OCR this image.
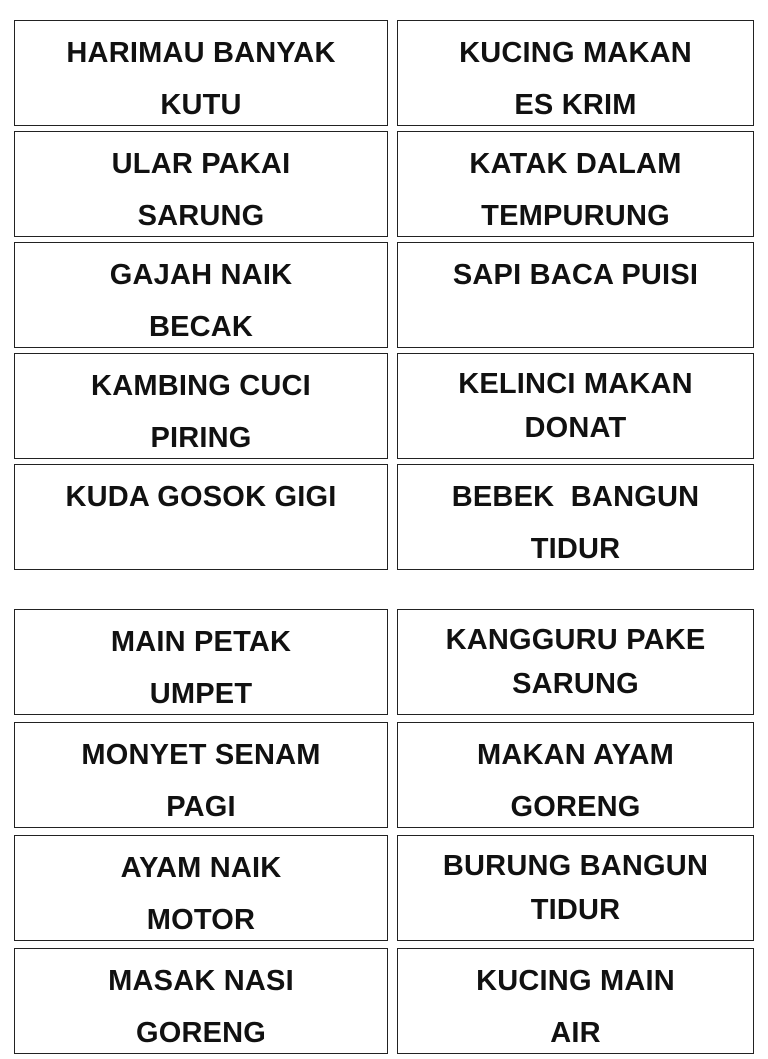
HARIMAU BANYAK
KUTU
KUCING MAKAN
ES KRIM
ULAR PAKAI
SARUNG
KATAK DALAM
TEMPURUNG
GAJAH NAIK
BECAK
SAPI BACA PUISI
KAMBING CUCI
PIRING
KELINCI MAKAN
DONAT
KUDA GOSOK GIGI	BEBEK  BANGUN
TIDUR
MAIN PETAK
UMPET
KANGGURU PAKE
SARUNG
MONYET SENAM
PAGI
MAKAN AYAM
GORENG
AYAM NAIK
MOTOR
BURUNG BANGUN
TIDUR
MASAK NASI
GORENG
KUCING MAIN
AIR
